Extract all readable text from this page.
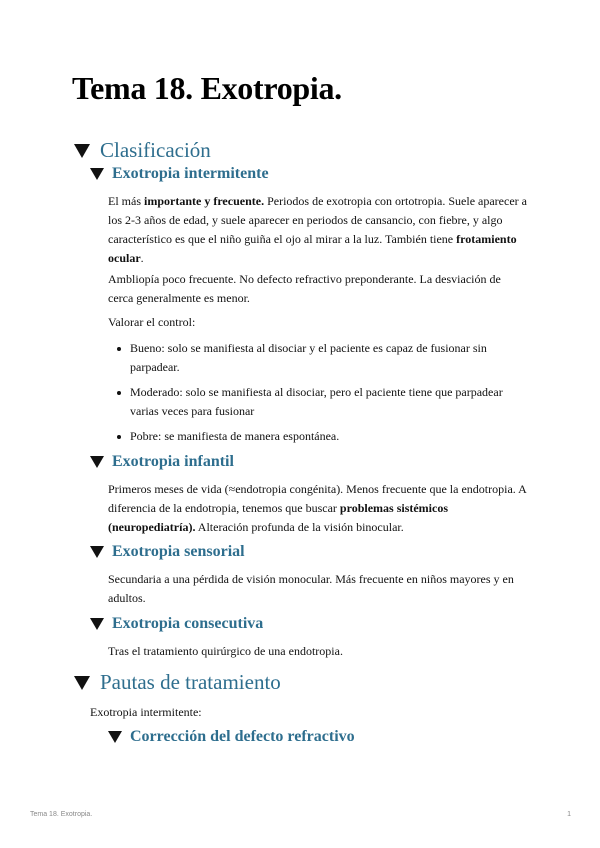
Tema 18. Exotropia.
Clasificación
Exotropia intermitente

El más importante y frecuente. Periodos de exotropia con ortotropia. Suele aparecer a los 2-3 años de edad, y suele aparecer en periodos de cansancio, con fiebre, y algo característico es que el niño guiña el ojo al mirar a la luz. También tiene frotamiento ocular.

Ambliopía poco frecuente. No defecto refractivo preponderante. La desviación de cerca generalmente es menor.

Valorar el control:

Bueno: solo se manifiesta al disociar y el paciente es capaz de fusionar sin parpadear.
Moderado: solo se manifiesta al disociar, pero el paciente tiene que parpadear varias veces para fusionar
Pobre: se manifiesta de manera espontánea.
Exotropia infantil

Primeros meses de vida (≈endotropia congénita). Menos frecuente que la endotropia. A diferencia de la endotropia, tenemos que buscar problemas sistémicos (neuropediatría). Alteración profunda de la visión binocular.

Exotropia sensorial

Secundaria a una pérdida de visión monocular. Más frecuente en niños mayores y en adultos.

Exotropia consecutiva

Tras el tratamiento quirúrgico de una endotropia.

Pautas de tratamiento

Exotropia intermitente:

Corrección del defecto refractivo
Tema 18. Exotropia.	1
